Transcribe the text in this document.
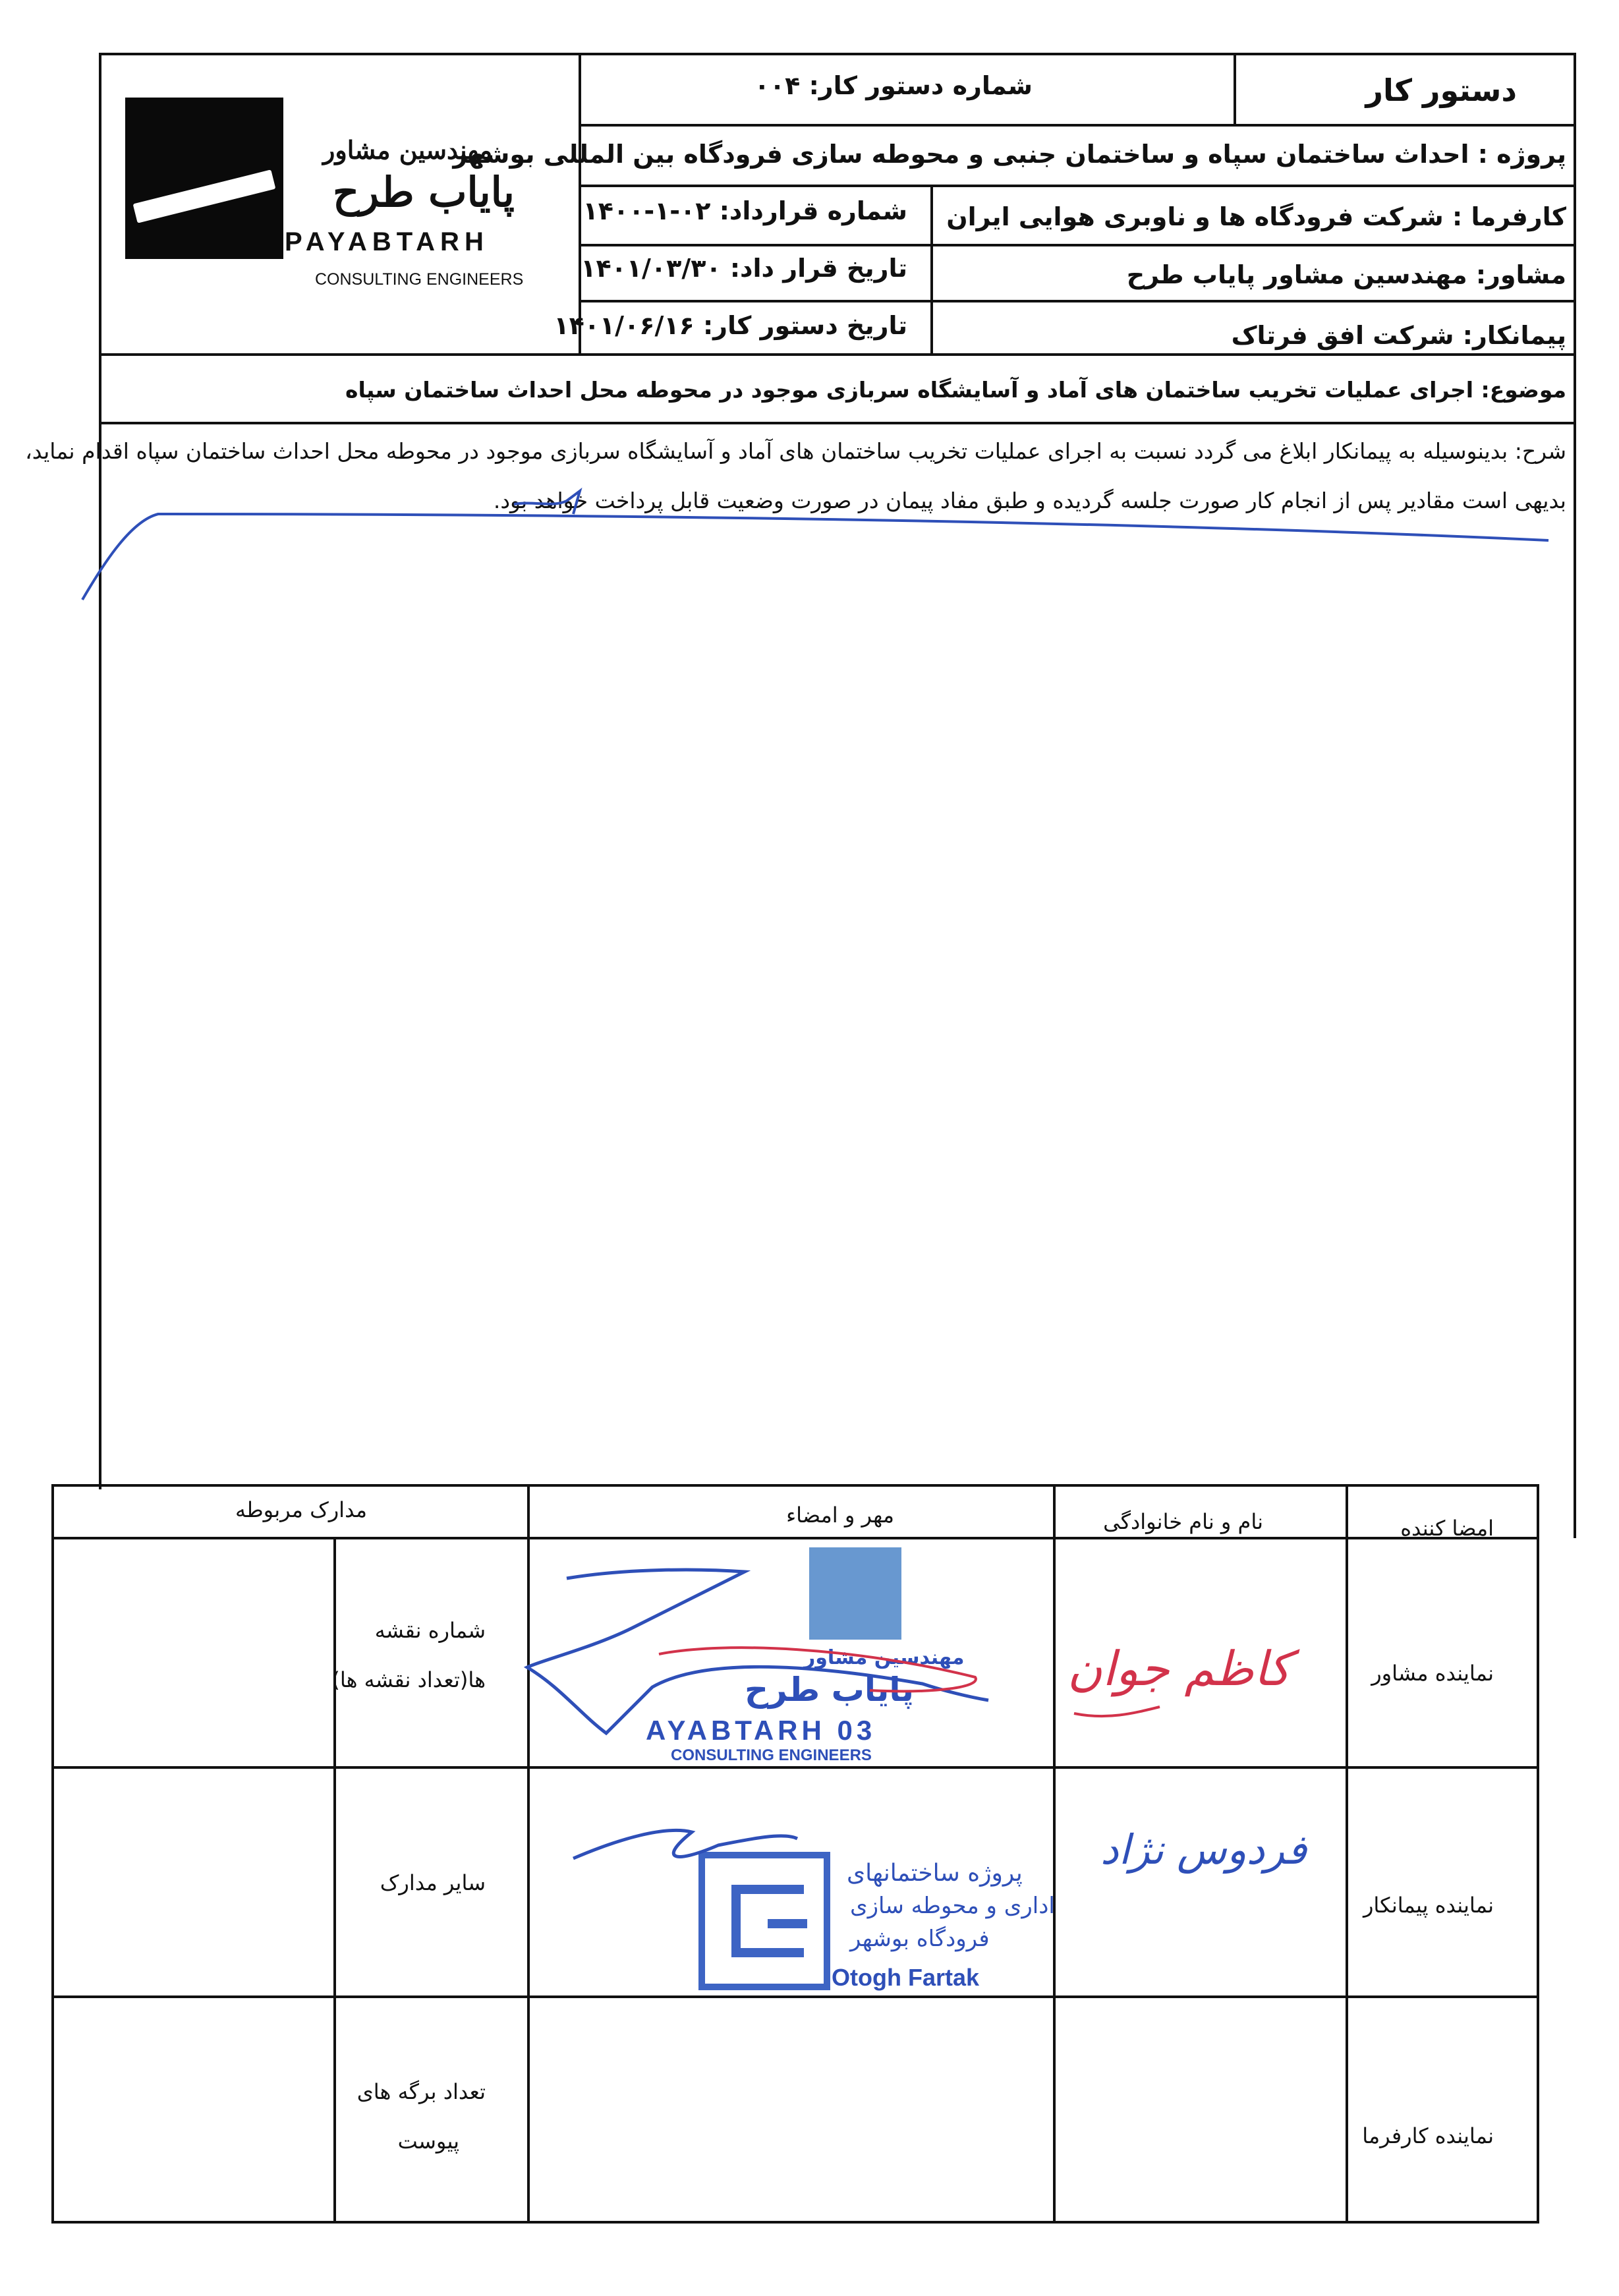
مهندسین مشاور
پایاب طرح
PAYABTARH
CONSULTING ENGINEERS
دستور کار
شماره دستور کار: ۰۰۴
پروژه : احداث ساختمان سپاه و ساختمان جنبی و محوطه سازی فرودگاه بین المللی بوشهر
کارفرما : شرکت فرودگاه ها و ناوبری هوایی ایران
شماره قرارداد: ۰۲-۱-۱۴۰۰
مشاور: مهندسین مشاور پایاب طرح
تاریخ قرار داد: ۱۴۰۱/۰۳/۳۰
پیمانکار: شرکت افق فرتاک
تاریخ دستور کار: ۱۴۰۱/۰۶/۱۶
موضوع: اجرای عملیات تخریب ساختمان های آماد و آسایشگاه سربازی موجود در محوطه محل احداث ساختمان سپاه
شرح: بدینوسیله به پیمانکار ابلاغ می گردد نسبت به اجرای عملیات تخریب ساختمان های آماد و آسایشگاه سربازی موجود در محوطه محل احداث ساختمان سپاه اقدام نماید،
بدیهی است مقادیر پس از انجام کار صورت جلسه گردیده و طبق مفاد پیمان در صورت وضعیت قابل پرداخت خواهد بود.
امضا کننده
نام و نام خانوادگی
مهر و امضاء
مدارک مربوطه
نماینده مشاور
شماره نقشه
ها(تعداد نقشه ها)
نماینده پیمانکار
سایر مدارک
نماینده کارفرما
تعداد برگه های
پیوست
کاظم جوان
فردوس نژاد
مهندسین مشاور
پایاب طرح
AYABTARH 03
CONSULTING ENGINEERS
پروژه ساختمانهای
اداری و محوطه سازی
فرودگاه بوشهر
Otogh Fartak
